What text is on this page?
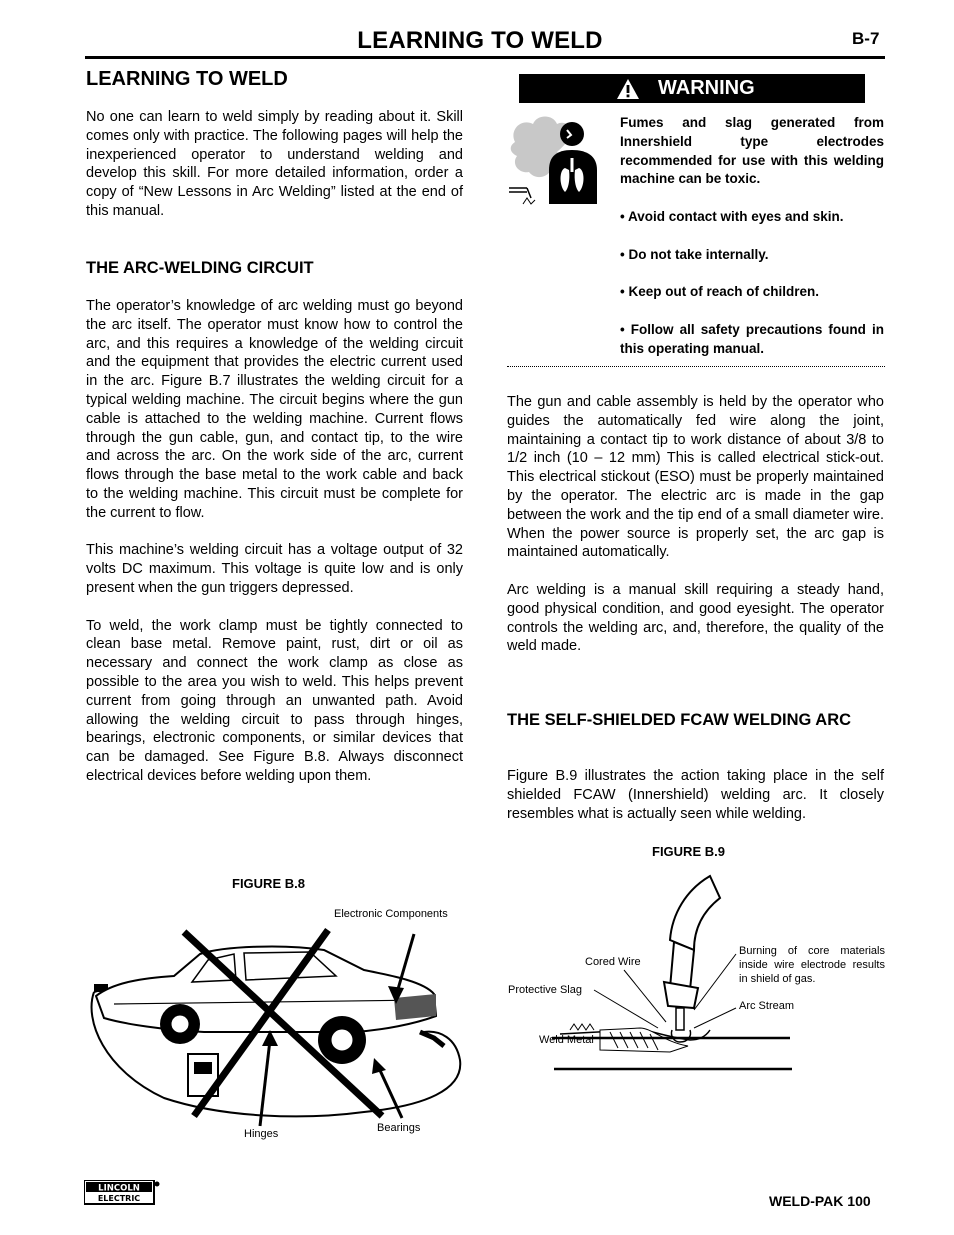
LEARNING TO WELD	B-7
LEARNING TO WELD

No one can learn to weld simply by reading about it. Skill comes only with practice. The following pages will help the inexperienced operator to understand welding and develop this skill. For more detailed information, order a copy of “New Lessons in Arc Welding” listed at the end of this manual.

THE ARC-WELDING CIRCUIT

The operator’s knowledge of arc welding must go beyond the arc itself. The operator must know how to control the arc, and this requires a knowledge of the welding circuit and the equipment that provides the electric current used in the arc. Figure B.7 illustrates the welding circuit for a typical welding machine. The circuit begins where the gun cable is attached to the welding machine. Current flows through the gun cable, gun, and contact tip, to the wire and across the arc. On the work side of the arc, current flows through the base metal to the work cable and back to the welding machine. This circuit must be complete for the current to flow.

This machine’s welding circuit has a voltage output of 32 volts DC maximum. This voltage is quite low and is only present when the gun triggers depressed.

To weld, the work clamp must be tightly connected to clean base metal. Remove paint, rust, dirt or oil as necessary and connect the work clamp as close as possible to the area you wish to weld. This helps prevent current from going through an unwanted path. Avoid allowing the welding circuit to pass through hinges, bearings, electronic components, or similar devices that can be damaged. See Figure B.8. Always disconnect electrical devices before welding upon them.

WARNING

Fumes and slag generated from Innershield type electrodes recommended for use with this welding machine can be toxic.

• Avoid contact with eyes and skin.

• Do not take internally.

• Keep out of reach of children.

• Follow all safety precautions found in this operating manual.

The gun and cable assembly is held by the operator who guides the automatically fed wire along the joint, maintaining a contact tip to work distance of about 3/8 to 1/2 inch (10 – 12 mm) This is called electrical stick-out. This electrical stickout (ESO) must be properly maintained by the operator. The electric arc is made in the gap between the work and the tip end of a small diameter wire. When the power source is properly set, the arc gap is maintained automatically.

Arc welding is a manual skill requiring a steady hand, good physical condition, and good eyesight. The operator controls the welding arc, and, therefore, the quality of the weld made.

THE SELF-SHIELDED FCAW WELDING ARC

Figure B.9 illustrates the action taking place in the self shielded FCAW (Innershield) welding arc. It closely resembles what is actually seen while welding.

FIGURE B.8
Electronic Components
Hinges	Bearings
FIGURE B.9
Cored Wire
Protective Slag
Weld Metal
Burning of core materials inside wire electrode results in shield of gas.
Arc Stream
LINCOLN
ELECTRIC	WELD-PAK 100
